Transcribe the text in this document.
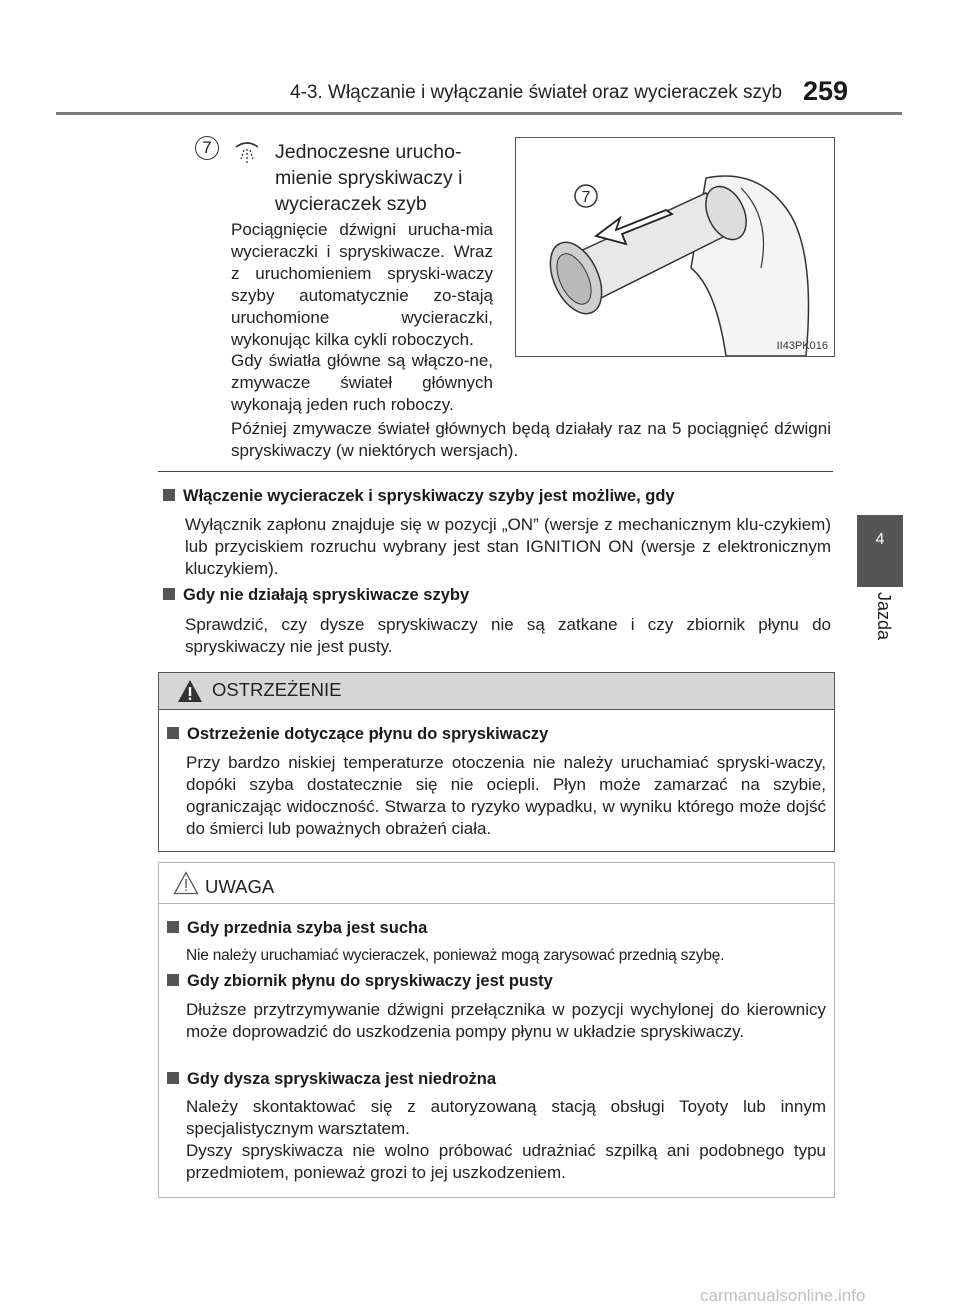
4-3. Włączanie i wyłączanie świateł oraz wycieraczek szyb 259
4
Jazda
7	Jednoczesne urucho-mienie spryskiwaczy i wycieraczek szyb
Pociągnięcie dźwigni urucha-mia wycieraczki i spryskiwacze. Wraz z uruchomieniem spryski-waczy szyby automatycznie zo-stają uruchomione wycieraczki, wykonując kilka cykli roboczych.
Gdy światła główne są włączo-ne, zmywacze świateł głównych wykonają jeden ruch roboczy.
Później zmywacze świateł głównych będą działały raz na 5 pociągnięć dźwigni spryskiwaczy (w niektórych wersjach).
7
II43PK016
Włączenie wycieraczek i spryskiwaczy szyby jest możliwe, gdy
Wyłącznik zapłonu znajduje się w pozycji „ON” (wersje z mechanicznym klu-czykiem) lub przyciskiem rozruchu wybrany jest stan IGNITION ON (wersje z elektronicznym kluczykiem).
Gdy nie działają spryskiwacze szyby
Sprawdzić, czy dysze spryskiwaczy nie są zatkane i czy zbiornik płynu do spryskiwaczy nie jest pusty.
OSTRZEŻENIE
Ostrzeżenie dotyczące płynu do spryskiwaczy
Przy bardzo niskiej temperaturze otoczenia nie należy uruchamiać spryski-waczy, dopóki szyba dostatecznie się nie ociepli. Płyn może zamarzać na szybie, ograniczając widoczność. Stwarza to ryzyko wypadku, w wyniku którego może dojść do śmierci lub poważnych obrażeń ciała.
UWAGA
Gdy przednia szyba jest sucha
Nie należy uruchamiać wycieraczek, ponieważ mogą zarysować przednią szybę.
Gdy zbiornik płynu do spryskiwaczy jest pusty
Dłuższe przytrzymywanie dźwigni przełącznika w pozycji wychylonej do kierownicy może doprowadzić do uszkodzenia pompy płynu w układzie spryskiwaczy.
Gdy dysza spryskiwacza jest niedrożna
Należy skontaktować się z autoryzowaną stacją obsługi Toyoty lub innym specjalistycznym warsztatem.
Dyszy spryskiwacza nie wolno próbować udrażniać szpilką ani podobnego typu przedmiotem, ponieważ grozi to jej uszkodzeniem.
carmanualsonline.info
